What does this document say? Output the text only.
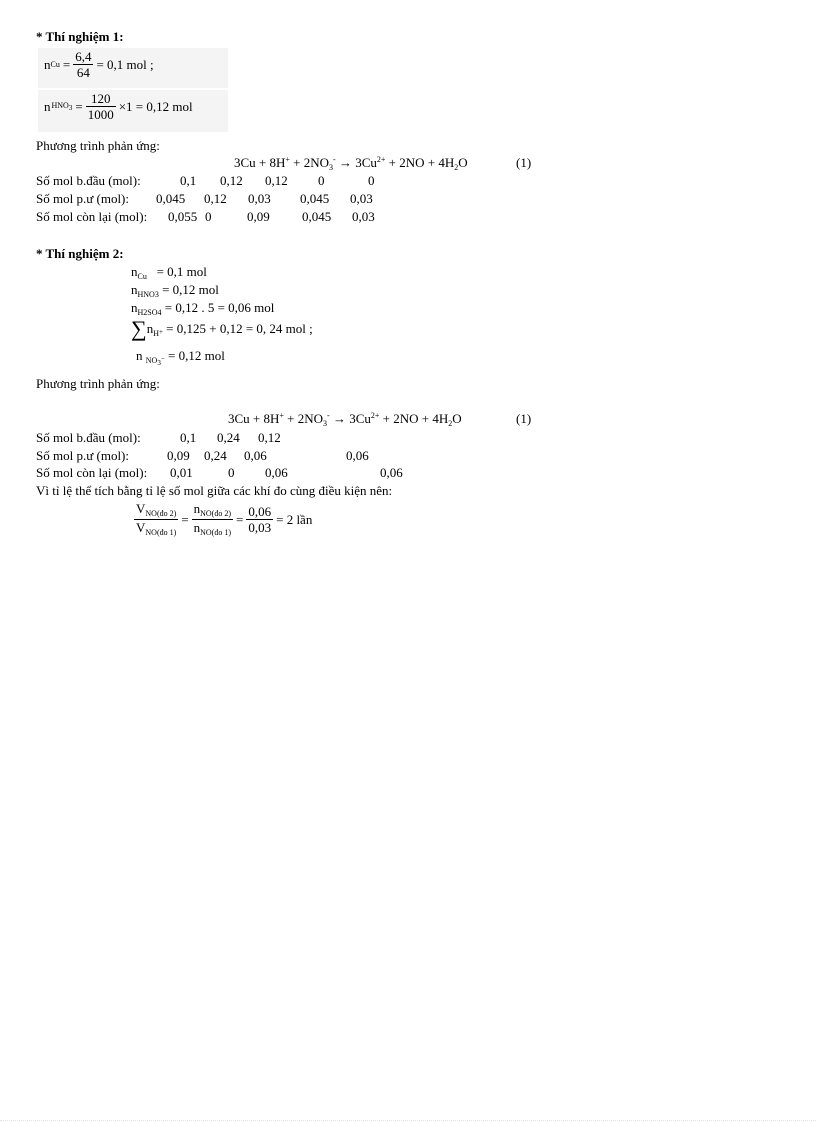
* Thí nghiệm 1:
n $Cu = \frac{6,4}{64} = 0,1$ mol ;
n $HNO3 = \frac{120}{1000} \times 1 = 0,12$ mol
Phương trình phản ứng:
$3Cu + 8H^+ + 2NO_3^- \to 3Cu^{2+} + 2NO + 4H_2O$	(1)
Số mol b.đầu (mol):	0,1 0,12 0,12 0	0
Số mol p.ư (mol): 0,045 0,12 0,03 0,045 0,03
Số mol còn lại (mol): 0,055 0	0,09 0,045 0,03
* Thí nghiệm 2:
$n_{Cu} = 0,1$ mol
$n_{HNO3} = 0,12$ mol
$n_{H2SO4} = 0,12$ . 5 = 0,06 mol
$\sum n_H+ = 0,125 + 0,12 = 0$, 24 mol ;
n $_{NO3}$− = 0,12 mol
Phương trình phản ứng:
$3Cu + 8H^+ + 2NO_3^- \to 3Cu^{2+} + 2NO + 4H_2O$	(1)
Số mol b.đầu (mol):	0,1 0,24 0,12
Số mol p.ư (mol):	0,09 0,24 0,06	0,06
Số mol còn lại (mol): 0,01	0 0,06	0,06
Vì tỉ lệ thể tích bằng tỉ lệ số mol giữa các khí đo cùng điều kiện nên:
$\frac{V_{NO(đo 2)}}{V_{NO(đo 1)}} = \frac{n_{NO(đo 2)}}{n_{NO(đo 1)}} = \frac{0,06}{0,03} = 2$ lần
